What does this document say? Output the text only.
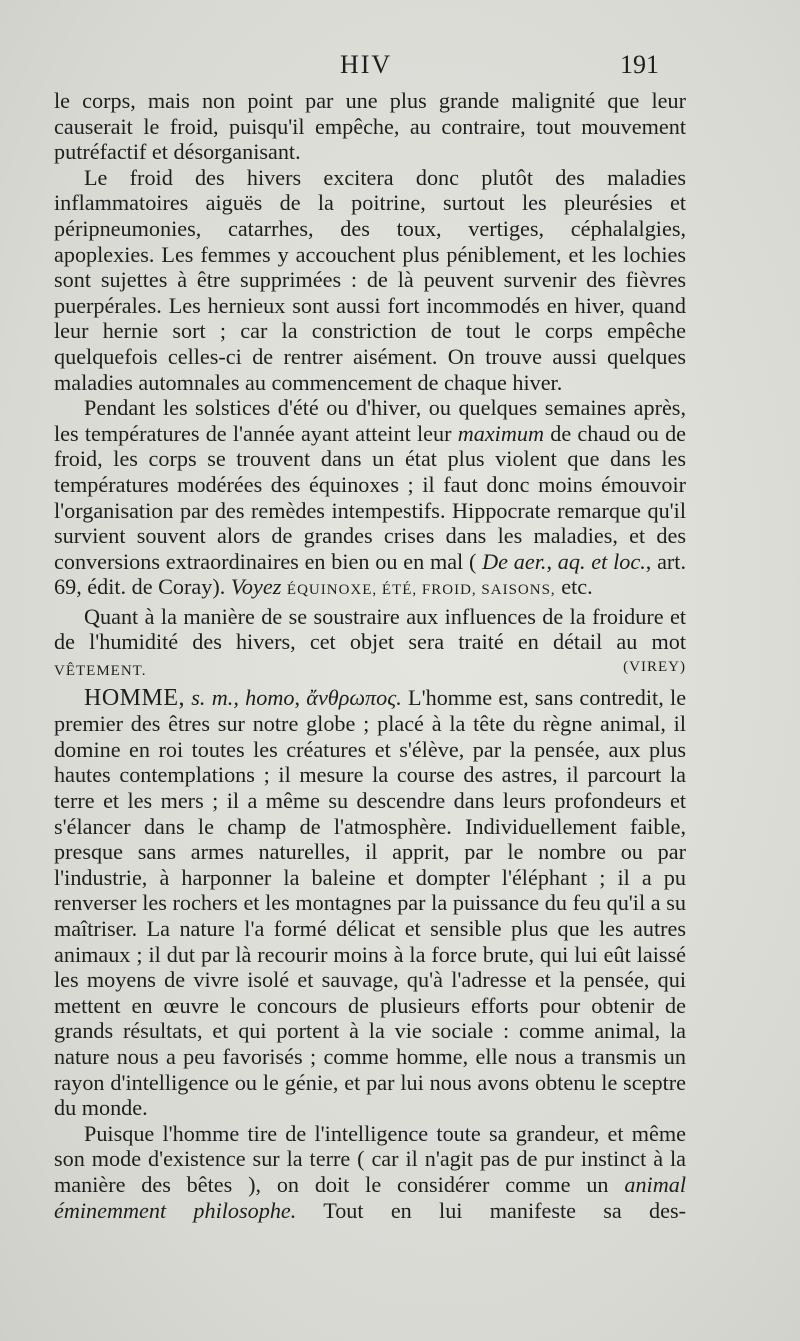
HIV	191

le corps, mais non point par une plus grande malignité que leur causerait le froid, puisqu'il empêche, au contraire, tout mouvement putréfactif et désorganisant.

Le froid des hivers excitera donc plutôt des maladies inflammatoires aiguës de la poitrine, surtout les pleurésies et péripneumonies, catarrhes, des toux, vertiges, céphalalgies, apoplexies. Les femmes y accouchent plus péniblement, et les lochies sont sujettes à être supprimées : de là peuvent survenir des fièvres puerpérales. Les hernieux sont aussi fort incommodés en hiver, quand leur hernie sort ; car la constriction de tout le corps empêche quelquefois celles-ci de rentrer aisément. On trouve aussi quelques maladies automnales au commencement de chaque hiver.

Pendant les solstices d'été ou d'hiver, ou quelques semaines après, les températures de l'année ayant atteint leur maximum de chaud ou de froid, les corps se trouvent dans un état plus violent que dans les températures modérées des équinoxes ; il faut donc moins émouvoir l'organisation par des remèdes intempestifs. Hippocrate remarque qu'il survient souvent alors de grandes crises dans les maladies, et des conversions extraordinaires en bien ou en mal ( De aer., aq. et loc., art. 69, édit. de Coray). Voyez ÉQUINOXE, ÉTÉ, FROID, SAISONS, etc.

Quant à la manière de se soustraire aux influences de la froidure et de l'humidité des hivers, cet objet sera traité en détail au mot VÊTEMENT.	(VIREY)

HOMME, s. m., homo, ἄνθρωπος. L'homme est, sans contredit, le premier des êtres sur notre globe ; placé à la tête du règne animal, il domine en roi toutes les créatures et s'élève, par la pensée, aux plus hautes contemplations ; il mesure la course des astres, il parcourt la terre et les mers ; il a même su descendre dans leurs profondeurs et s'élancer dans le champ de l'atmosphère. Individuellement faible, presque sans armes naturelles, il apprit, par le nombre ou par l'industrie, à harponner la baleine et dompter l'éléphant ; il a pu renverser les rochers et les montagnes par la puissance du feu qu'il a su maîtriser. La nature l'a formé délicat et sensible plus que les autres animaux ; il dut par là recourir moins à la force brute, qui lui eût laissé les moyens de vivre isolé et sauvage, qu'à l'adresse et la pensée, qui mettent en œuvre le concours de plusieurs efforts pour obtenir de grands résultats, et qui portent à la vie sociale : comme animal, la nature nous a peu favorisés ; comme homme, elle nous a transmis un rayon d'intelligence ou le génie, et par lui nous avons obtenu le sceptre du monde.

Puisque l'homme tire de l'intelligence toute sa grandeur, et même son mode d'existence sur la terre ( car il n'agit pas de pur instinct à la manière des bêtes ), on doit le considérer comme un animal éminemment philosophe. Tout en lui manifeste sa des-
